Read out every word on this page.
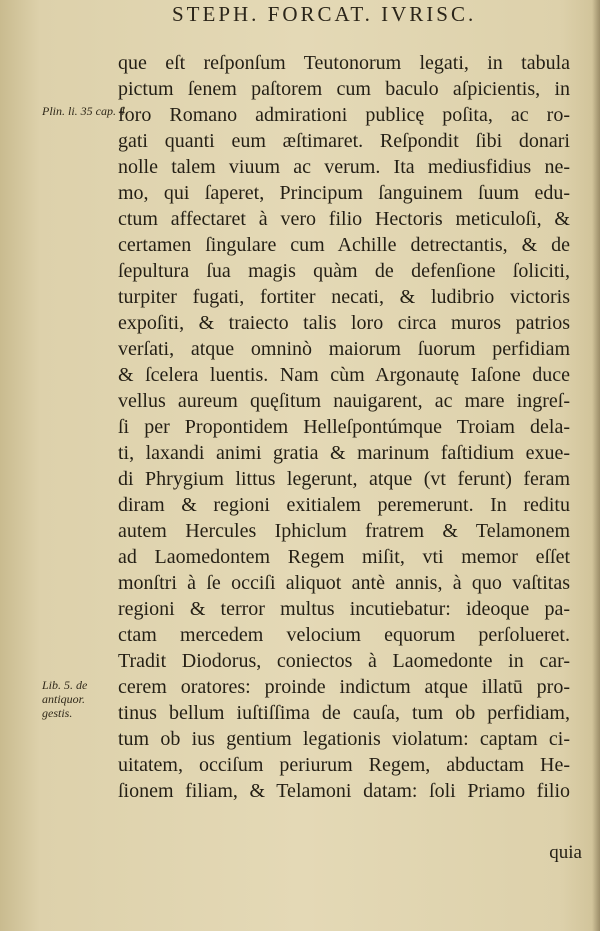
STEPH. FORCAT. IVRISC.
Plin. li. 35 cap. 4.
Lib. 5. de antiquor. gestis.
que eſt reſponſum Teutonorum legati, in tabula
pictum ſenem paſtorem cum baculo aſpicientis, in
foro Romano admirationi publicę poſita, ac ro-
gati quanti eum æſtimaret. Reſpondit ſibi donari
nolle talem viuum ac verum. Ita mediusfidius ne-
mo, qui ſaperet, Principum ſanguinem ſuum edu-
ctum affectaret à vero filio Hectoris meticuloſi, &
certamen ſingulare cum Achille detrectantis, & de
ſepultura ſua magis quàm de defenſione ſoliciti,
turpiter fugati, fortiter necati, & ludibrio victoris
expoſiti, & traiecto talis loro circa muros patrios
verſati, atque omninò maiorum ſuorum perfidiam
& ſcelera luentis. Nam cùm Argonautę Iaſone duce
vellus aureum quęſitum nauigarent, ac mare ingreſ-
ſi per Propontidem Helleſpontúmque Troiam dela-
ti, laxandi animi gratia & marinum faſtidium exue-
di Phrygium littus legerunt, atque (vt ferunt) feram
diram & regioni exitialem peremerunt. In reditu
autem Hercules Iphiclum fratrem & Telamonem
ad Laomedontem Regem miſit, vti memor eſſet
monſtri à ſe occiſi aliquot antè annis, à quo vaſtitas
regioni & terror multus incutiebatur: ideoque pa-
ctam mercedem velocium equorum perſolueret.
Tradit Diodorus, coniectos à Laomedonte in car-
cerem oratores: proinde indictum atque illatū pro-
tinus bellum iuſtiſſima de cauſa, tum ob perfidiam,
tum ob ius gentium legationis violatum: captam ci-
uitatem, occiſum periurum Regem, abductam He-
ſionem filiam, & Telamoni datam: ſoli Priamo filio
quia
